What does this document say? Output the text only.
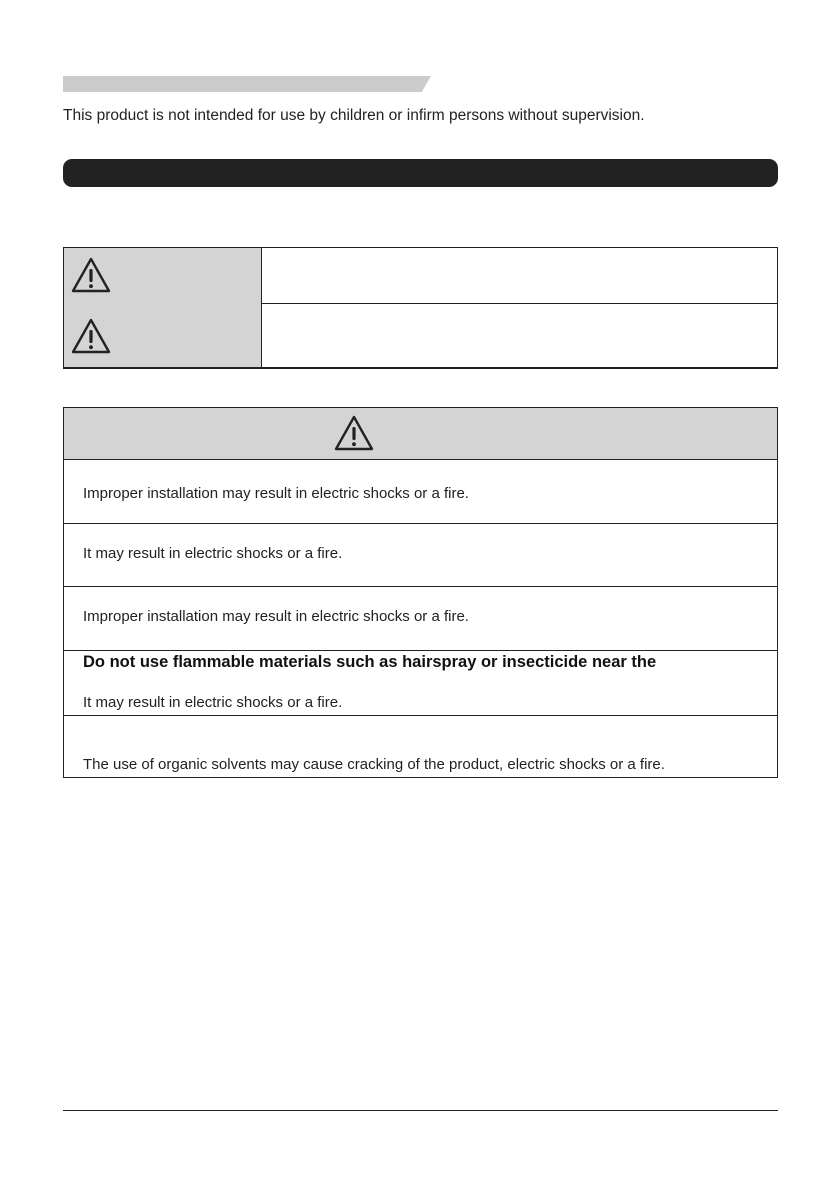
This product is not intended for use by children or infirm persons without supervision.
Improper installation may result in electric shocks or a fire.
It may result in electric shocks or a fire.
Improper installation may result in electric shocks or a fire.
Do not use flammable materials such as hairspray or insecticide near the
It may result in electric shocks or a fire.
The use of organic solvents may cause cracking of the product, electric shocks or a fire.
